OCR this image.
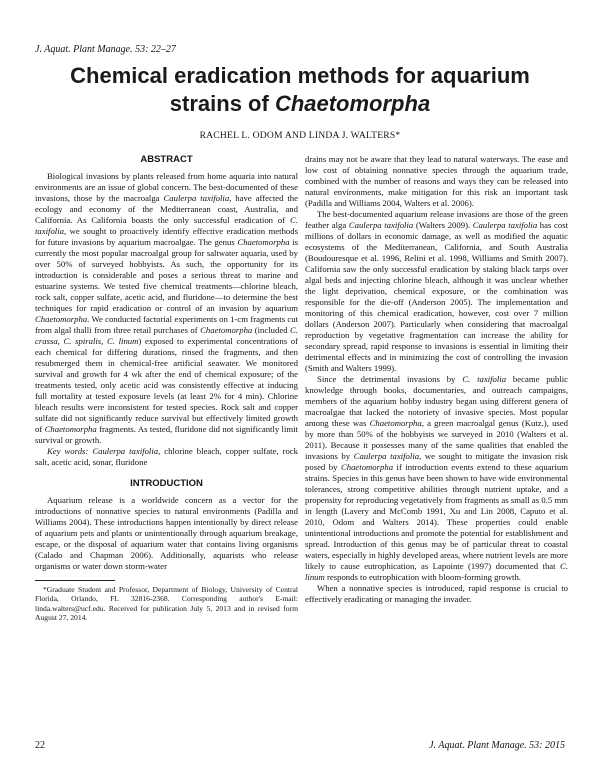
J. Aquat. Plant Manage. 53: 22–27
Chemical eradication methods for aquarium
strains of Chaetomorpha
RACHEL L. ODOM AND LINDA J. WALTERS*
ABSTRACT

Biological invasions by plants released from home aquaria into natural environments are an issue of global concern. The best-documented of these invasions, those by the macroalga Caulerpa taxifolia, have affected the ecology and economy of the Mediterranean coast, Australia, and California. As California boasts the only successful eradication of C. taxifolia, we sought to proactively identify effective eradication methods for future invasions by aquarium macroalgae. The genus Chaetomorpha is currently the most popular macroalgal group for saltwater aquaria, used by over 50% of surveyed hobbyists. As such, the opportunity for its introduction is considerable and poses a serious threat to marine and estuarine systems. We tested five chemical treatments—chlorine bleach, rock salt, copper sulfate, acetic acid, and fluridone—to determine the best techniques for rapid eradication or control of an invasion by aquarium Chaetomorpha. We conducted factorial experiments on 1-cm fragments cut from algal thalli from three retail purchases of Chaetomorpha (included C. crassa, C. spiralis, C. linum) exposed to experimental concentrations of each chemical for differing durations, rinsed the fragments, and then resubmerged them in chemical-free artificial seawater. We monitored survival and growth for 4 wk after the end of chemical exposure; of the treatments tested, only acetic acid was consistently effective at inducing full mortality at tested exposure levels (at least 2% for 4 min). Chlorine bleach results were inconsistent for tested species. Rock salt and copper sulfate did not significantly reduce survival but effectively limited growth of Chaetomorpha fragments. As tested, fluridone did not significantly limit survival or growth.

Key words: Caulerpa taxifolia, chlorine bleach, copper sulfate, rock salt, acetic acid, sonar, fluridone

INTRODUCTION

Aquarium release is a worldwide concern as a vector for the introductions of nonnative species to natural environments (Padilla and Williams 2004). These introductions happen intentionally by direct release of aquarium pets and plants or unintentionally through aquarium breakage, escape, or the disposal of aquarium water that contains living organisms (Calado and Chapman 2006). Additionally, aquarists who release organisms or water down storm-water

*Graduate Student and Professor, Department of Biology, University of Central Florida, Orlando, FL 32816-2368. Corresponding author's E-mail: linda.walters@ucf.edu. Received for publication July 5, 2013 and in revised form August 27, 2014.

drains may not be aware that they lead to natural waterways. The ease and low cost of obtaining nonnative species through the aquarium trade, combined with the number of reasons and ways they can be released into natural environments, make mitigation for this risk an important task (Padilla and Williams 2004, Walters et al. 2006).

The best-documented aquarium release invasions are those of the green feather alga Caulerpa taxifolia (Walters 2009). Caulerpa taxifolia has cost millions of dollars in economic damage, as well as modified the aquatic ecosystems of the Mediterranean, California, and South Australia (Boudouresque et al. 1996, Relini et al. 1998, Williams and Smith 2007). California saw the only successful eradication by staking black tarps over algal beds and injecting chlorine bleach, although it was unclear whether the light deprivation, chemical exposure, or the combination was responsible for the die-off (Anderson 2005). The implementation and monitoring of this chemical eradication, however, cost over 7 million dollars (Anderson 2007). Particularly when considering that macroalgal reproduction by vegetative fragmentation can increase the ability for secondary spread, rapid response to invasions is essential in limiting their detrimental effects and in minimizing the cost of controlling the invasion (Smith and Walters 1999).

Since the detrimental invasions by C. taxifolia became public knowledge through books, documentaries, and outreach campaigns, members of the aquarium hobby industry began using different genera of macroalgae that lacked the notoriety of invasive species. Most popular among these was Chaetomorpha, a green macroalgal genus (Kutz.), used by more than 50% of the hobbyists we surveyed in 2010 (Walters et al. 2011). Because it possesses many of the same qualities that enabled the invasions by Caulerpa taxifolia, we sought to mitigate the invasion risk posed by Chaetomorpha if introduction events extend to these aquarium strains. Species in this genus have been shown to have wide environmental tolerances, strong competitive abilities through nutrient uptake, and a propensity for reproducing vegetatively from fragments as small as 0.5 mm in length (Lavery and McComb 1991, Xu and Lin 2008, Caputo et al. 2010, Odom and Walters 2014). These properties could enable unintentional introductions and promote the potential for establishment and spread. Introduction of this genus may be of particular threat to coastal waters, especially in highly developed areas, where nutrient levels are more likely to cause eutrophication, as Lapointe (1997) documented that C. linum responds to eutrophication with bloom-forming growth.

When a nonnative species is introduced, rapid response is crucial to effectively eradicating or managing the invader.

22	J. Aquat. Plant Manage. 53: 2015
